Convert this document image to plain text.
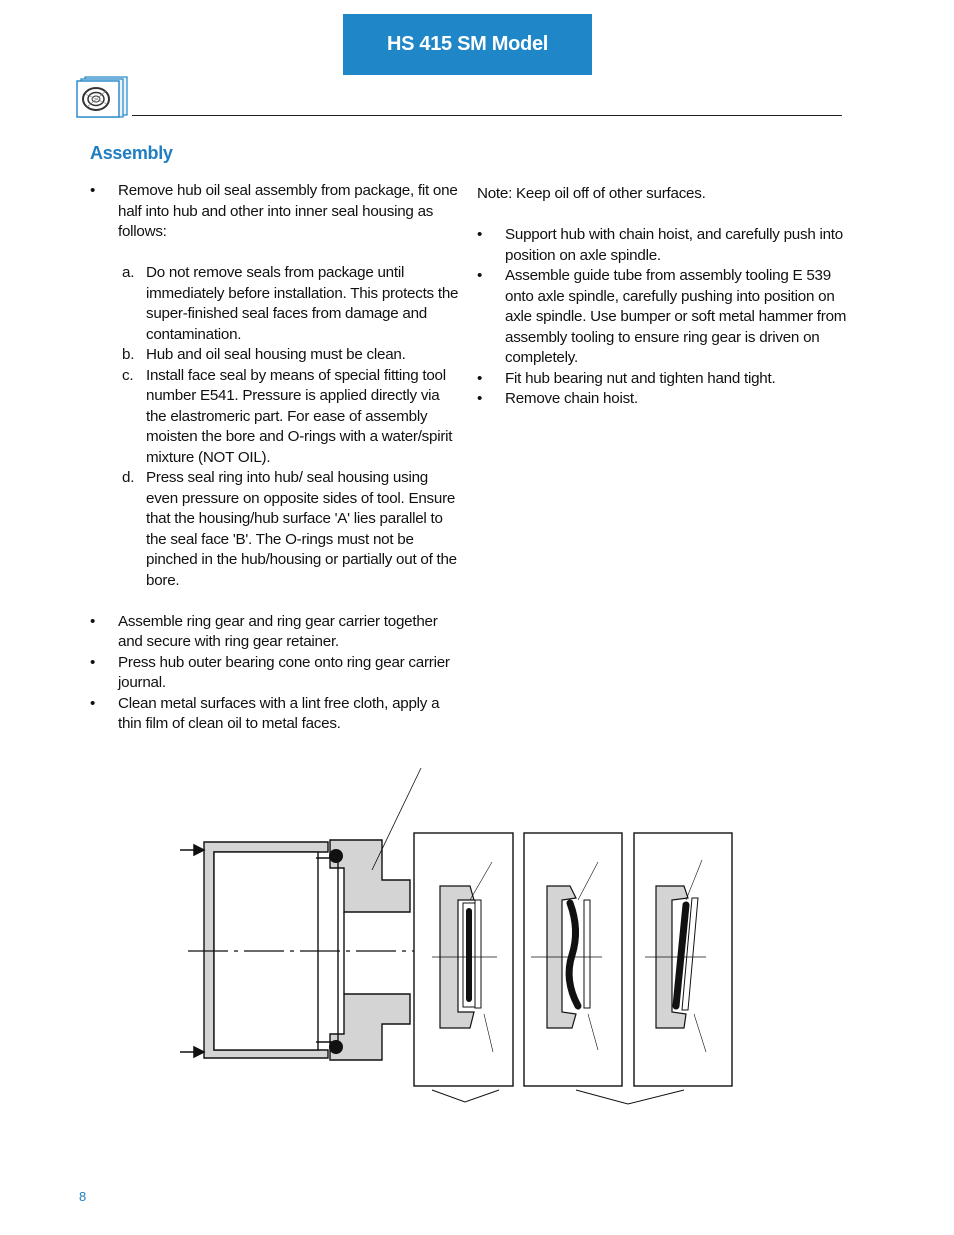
HS 415 SM Model
Assembly
• Remove hub oil seal assembly from package, fit one half into hub and other into inner seal housing as follows:
a. Do not remove seals from package until immediately before installation. This protects the super-finished seal faces from damage and contamination.
b. Hub and oil seal housing must be clean.
c. Install face seal by means of special fitting tool number E541. Pressure is applied directly via the elastromeric part. For ease of assembly moisten the bore and O-rings with a water/spirit mixture (NOT OIL).
d. Press seal ring into hub/ seal housing using even pressure on opposite sides of tool. Ensure that the housing/hub surface 'A' lies parallel to the seal face 'B'. The O-rings must not be pinched in the hub/housing or partially out of the bore.
• Assemble ring gear and ring gear carrier together and secure with ring gear retainer.
• Press hub outer bearing cone onto ring gear carrier journal.
• Clean metal surfaces with a lint free cloth, apply a thin film of clean oil to metal faces.
Note: Keep oil off of other surfaces.
• Support hub with chain hoist, and carefully push into position on axle spindle.
• Assemble guide tube from assembly tooling E 539 onto axle spindle, carefully pushing into position on axle spindle. Use bumper or soft metal hammer from assembly tooling to ensure ring gear is driven on completely.
• Fit hub bearing nut and tighten hand tight.
• Remove chain hoist.
8
